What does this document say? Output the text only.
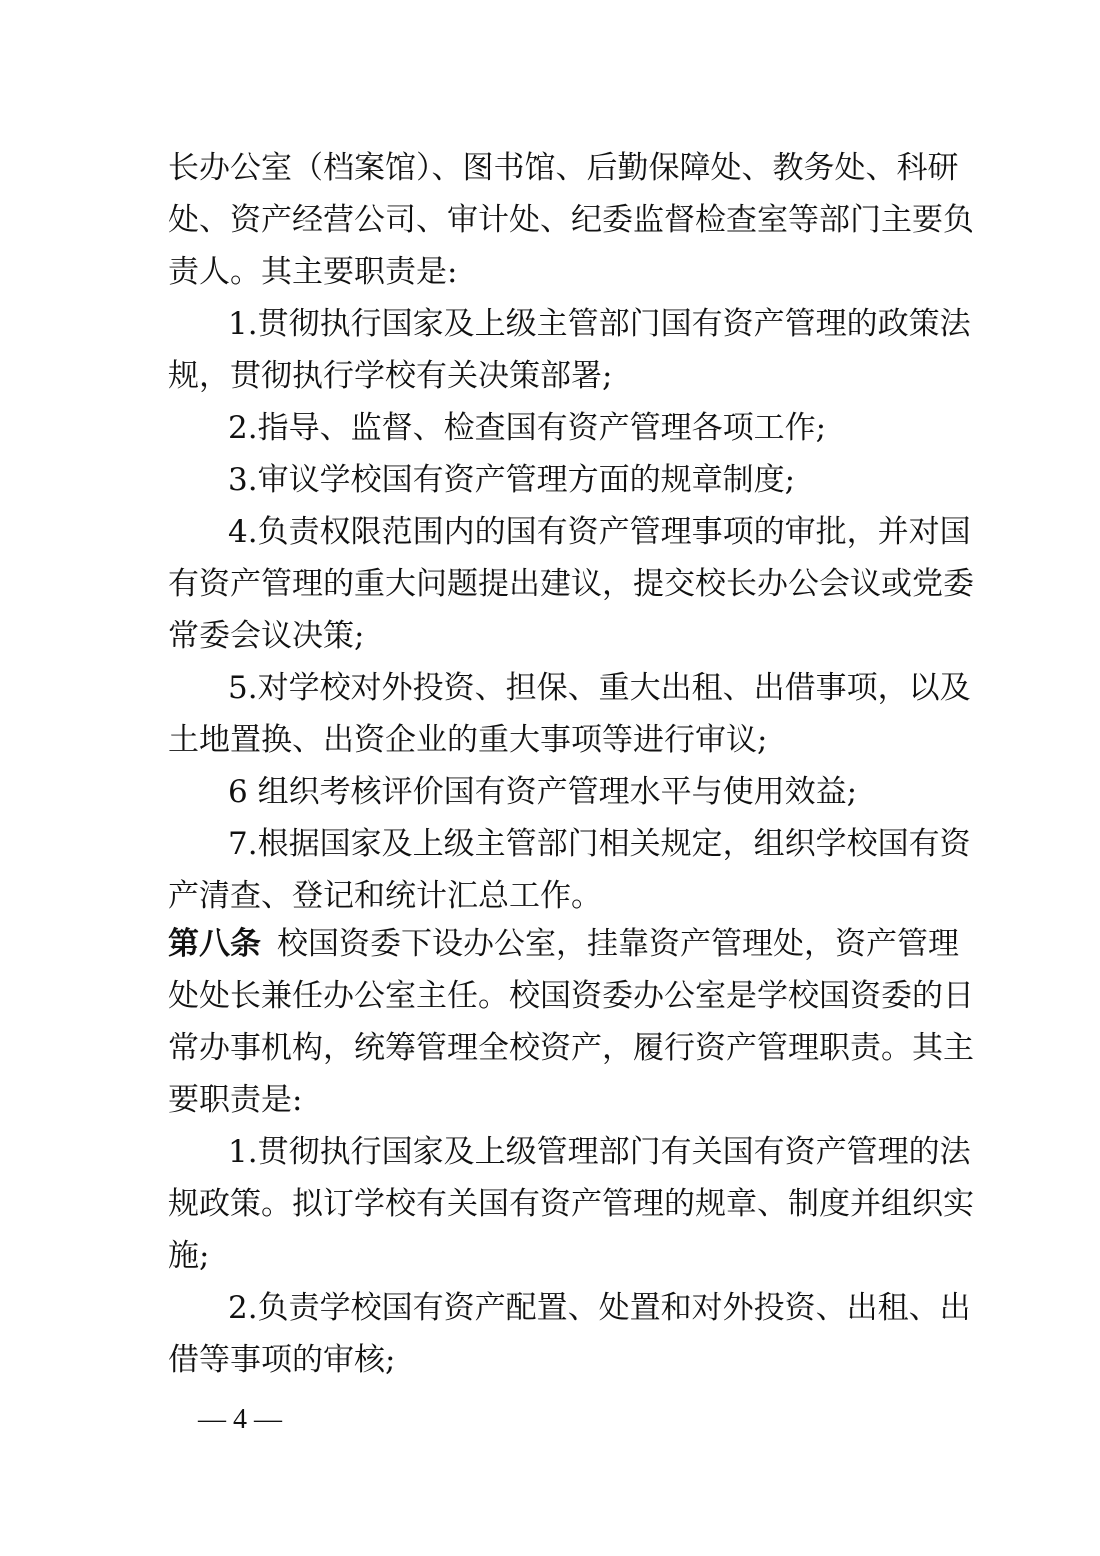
长办公室（档案馆）、图书馆、后勤保障处、教务处、科研
处、资产经营公司、审计处、纪委监督检查室等部门主要负
责人。其主要职责是:
1.贯彻执行国家及上级主管部门国有资产管理的政策法
规，贯彻执行学校有关决策部署;
2.指导、监督、检查国有资产管理各项工作;
3.审议学校国有资产管理方面的规章制度;
4.负责权限范围内的国有资产管理事项的审批，并对国
有资产管理的重大问题提出建议，提交校长办公会议或党委
常委会议决策;
5.对学校对外投资、担保、重大出租、出借事项，以及
土地置换、出资企业的重大事项等进行审议;
6 组织考核评价国有资产管理水平与使用效益;
7.根据国家及上级主管部门相关规定，组织学校国有资
产清查、登记和统计汇总工作。
第八条 校国资委下设办公室，挂靠资产管理处，资产管理
处处长兼任办公室主任。校国资委办公室是学校国资委的日
常办事机构，统筹管理全校资产，履行资产管理职责。其主
要职责是:
1.贯彻执行国家及上级管理部门有关国有资产管理的法
规政策。拟订学校有关国有资产管理的规章、制度并组织实
施;
2.负责学校国有资产配置、处置和对外投资、出租、出
借等事项的审核;
— 4 —
